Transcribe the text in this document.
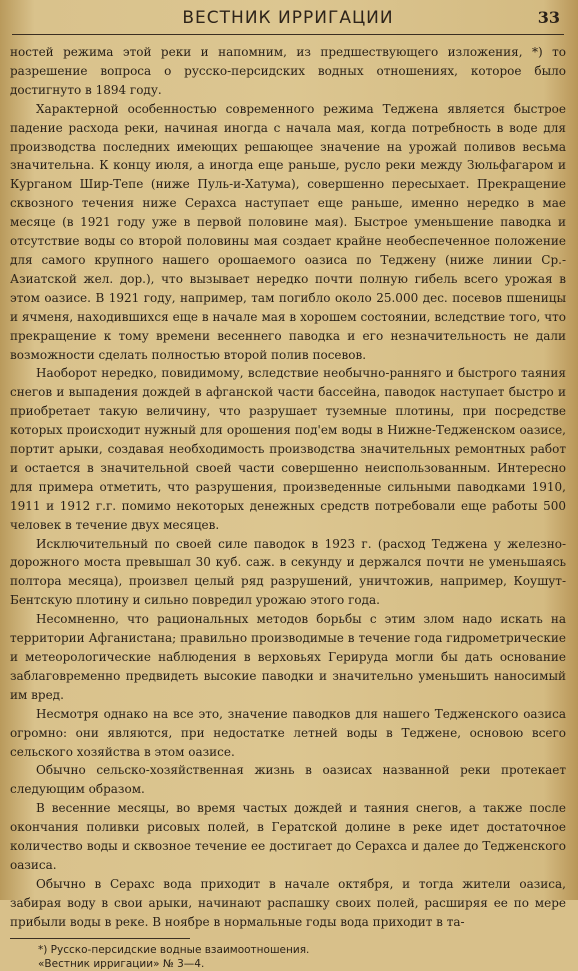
ВЕСТНИК ИРРИГАЦИИ	33

ностей режима этой реки и напомним, из предшествующего изложения, *) то разрешение вопроса о русско-персидских водных отношениях, которое было достигнуто в 1894 году.

Характерной особенностью современного режима Теджена является быстрое падение расхода реки, начиная иногда с начала мая, когда потребность в воде для производства последних имеющих решающее значение на урожай поливов весьма значительна. К концу июля, а иногда еще раньше, русло реки между Зюльфагаром и Курганом Шир-Тепе (ниже Пуль-и-Хатума), совершенно пересыхает. Прекращение сквозного течения ниже Серахса наступает еще раньше, именно нередко в мае месяце (в 1921 году уже в первой половине мая). Быстрое уменьшение паводка и отсутствие воды со второй половины мая создает крайне необеспеченное положение для самого крупного нашего орошаемого оазиса по Теджену (ниже линии Ср.-Азиатской жел. дор.), что вызывает нередко почти полную гибель всего урожая в этом оазисе. В 1921 году, например, там погибло около 25.000 дес. посевов пшеницы и ячменя, находившихся еще в начале мая в хорошем состоянии, вследствие того, что прекращение к тому времени весеннего паводка и его незначительность не дали возможности сделать полностью второй полив посевов.

Наоборот нередко, повидимому, вследствие необычно-ранняго и быстрого таяния снегов и выпадения дождей в афганской части бассейна, паводок наступает быстро и приобретает такую величину, что разрушает туземные плотины, при посредстве которых происходит нужный для орошения под'ем воды в Нижне-Тедженском оазисе, портит арыки, создавая необходимость производства значительных ремонтных работ и остается в значительной своей части совершенно неиспользованным. Интересно для примера отметить, что разрушения, произведенные сильными паводками 1910, 1911 и 1912 г.г. помимо некоторых денежных средств потребовали еще работы 500 человек в течение двух месяцев.

Исключительный по своей силе паводок в 1923 г. (расход Теджена у железно-дорожного моста превышал 30 куб. саж. в секунду и держался почти не уменьшаясь полтора месяца), произвел целый ряд разрушений, уничтожив, например, Коушут-Бентскую плотину и сильно повредил урожаю этого года.

Несомненно, что рациональных методов борьбы с этим злом надо искать на территории Афганистана; правильно производимые в течение года гидрометрические и метеорологические наблюдения в верховьях Герируда могли бы дать основание заблаговременно предвидеть высокие паводки и значительно уменьшить наносимый им вред.

Несмотря однако на все это, значение паводков для нашего Тедженского оазиса огромно: они являются, при недостатке летней воды в Теджене, основою всего сельского хозяйства в этом оазисе.

Обычно сельско-хозяйственная жизнь в оазисах названной реки протекает следующим образом.

В весенние месяцы, во время частых дождей и таяния снегов, а также после окончания поливки рисовых полей, в Гератской долине в реке идет достаточное количество воды и сквозное течение ее достигает до Серахса и далее до Тедженского оазиса.

Обычно в Серахс вода приходит в начале октября, и тогда жители оазиса, забирая воду в свои арыки, начинают распашку своих полей, расширяя ее по мере прибыли воды в реке. В ноябре в нормальные годы вода приходит в та-

*) Русско-персидские водные взаимоотношения.

«Вестник ирригации» № 3—4.
